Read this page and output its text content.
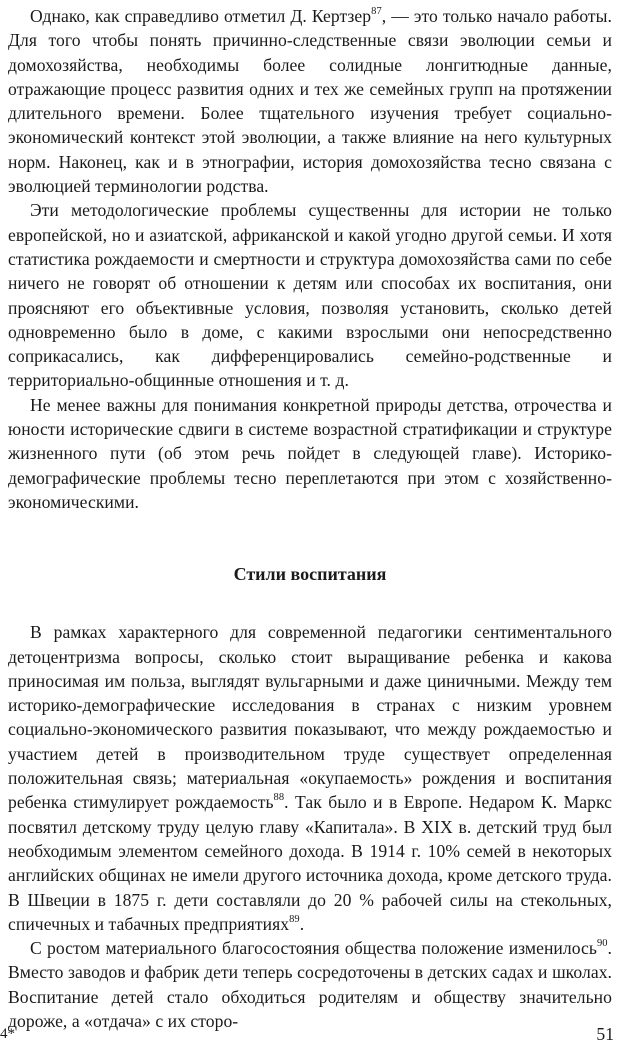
Однако, как справедливо отметил Д. Кертзер$^{87}$, — это только начало работы. Для того чтобы понять причинно-следственные связи эволюции семьи и домохозяйства, необходимы более солидные лонгитюдные данные, отражающие процесс развития одних и тех же семейных групп на протяжении длительного времени. Более тщательного изучения требует социально-экономический контекст этой эволюции, а также влияние на него культурных норм. Наконец, как и в этнографии, история домохозяйства тесно связана с эволюцией терминологии родства.

Эти методологические проблемы существенны для истории не только европейской, но и азиатской, африканской и какой угодно другой семьи. И хотя статистика рождаемости и смертности и структура домохозяйства сами по себе ничего не говорят об отношении к детям или способах их воспитания, они проясняют его объективные условия, позволяя установить, сколько детей одновременно было в доме, с какими взрослыми они непосредственно соприкасались, как дифференцировались семейно-родственные и территориально-общинные отношения и т. д.

Не менее важны для понимания конкретной природы детства, отрочества и юности исторические сдвиги в системе возрастной стратификации и структуре жизненного пути (об этом речь пойдет в следующей главе). Историко-демографические проблемы тесно переплетаются при этом с хозяйственно-экономическими.

Стили воспитания

В рамках характерного для современной педагогики сентиментального детоцентризма вопросы, сколько стоит выращивание ребенка и какова приносимая им польза, выглядят вульгарными и даже циничными. Между тем историко-демографические исследования в странах с низким уровнем социально-экономического развития показывают, что между рождаемостью и участием детей в производительном труде существует определенная положительная связь; материальная «окупаемость» рождения и воспитания ребенка стимулирует рождаемость$^{88}$. Так было и в Европе. Недаром К. Маркс посвятил детскому труду целую главу «Капитала». В XIX в. детский труд был необходимым элементом семейного дохода. В 1914 г. 10% семей в некоторых английских общинах не имели другого источника дохода, кроме детского труда. В Швеции в 1875 г. дети составляли до 20 % рабочей силы на стекольных, спичечных и табачных предприятиях$^{89}$.

С ростом материального благосостояния общества положение изменилось$^{90}$. Вместо заводов и фабрик дети теперь сосредоточены в детских садах и школах. Воспитание детей стало обходиться родителям и обществу значительно дороже, а «отдача» с их сторо-

4*	51
